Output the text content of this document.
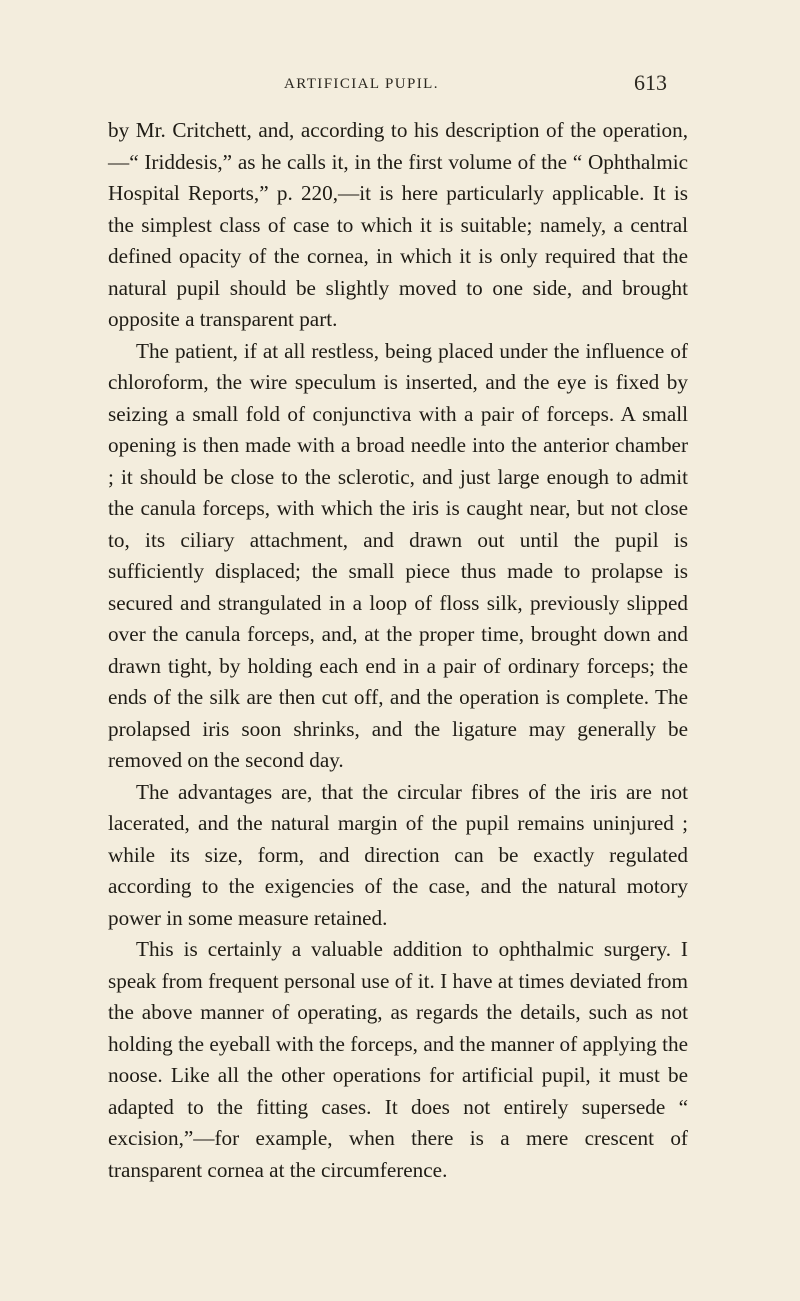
ARTIFICIAL PUPIL.	613

by Mr. Critchett, and, according to his description of the operation,—“ Iriddesis,” as he calls it, in the first volume of the “ Ophthalmic Hospital Reports,” p. 220,—it is here particularly applicable. It is the simplest class of case to which it is suitable; namely, a central defined opacity of the cornea, in which it is only required that the natural pupil should be slightly moved to one side, and brought opposite a transparent part.

The patient, if at all restless, being placed under the influence of chloroform, the wire speculum is inserted, and the eye is fixed by seizing a small fold of conjunctiva with a pair of forceps. A small opening is then made with a broad needle into the anterior chamber ; it should be close to the sclerotic, and just large enough to admit the canula forceps, with which the iris is caught near, but not close to, its ciliary attachment, and drawn out until the pupil is sufficiently displaced; the small piece thus made to prolapse is secured and strangulated in a loop of floss silk, previously slipped over the canula forceps, and, at the proper time, brought down and drawn tight, by holding each end in a pair of ordinary forceps; the ends of the silk are then cut off, and the operation is complete. The prolapsed iris soon shrinks, and the ligature may generally be removed on the second day.

The advantages are, that the circular fibres of the iris are not lacerated, and the natural margin of the pupil remains uninjured ; while its size, form, and direction can be exactly regulated according to the exigencies of the case, and the natural motory power in some measure retained.

This is certainly a valuable addition to ophthalmic surgery. I speak from frequent personal use of it. I have at times deviated from the above manner of operating, as regards the details, such as not holding the eyeball with the forceps, and the manner of applying the noose. Like all the other operations for artificial pupil, it must be adapted to the fitting cases. It does not entirely supersede “ excision,”—for example, when there is a mere crescent of transparent cornea at the circumference.
